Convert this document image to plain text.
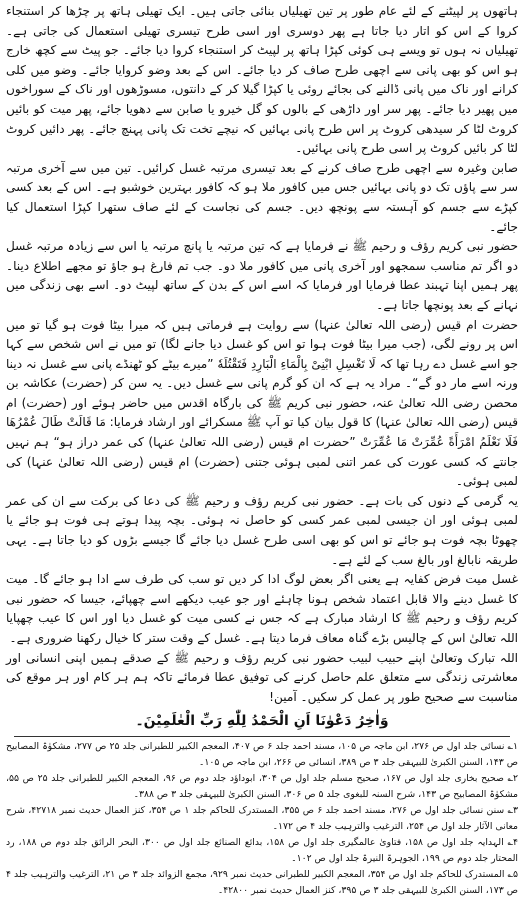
ہاتھوں پر لپیٹنے کے لئے عام طور پر تین تھیلیاں بنائی جاتی ہیں۔ ایک تھیلی ہاتھ پر چڑھا کر استنجاء کروا کے اس کو اتار دیا جاتا ہے پھر دوسری اور اسی طرح تیسری تھیلی استعمال کی جاتی ہے۔ تھیلیاں نہ ہوں تو ویسے ہی کوئی کپڑا ہاتھ پر لپیٹ کر استنجاء کروا دیا جائے۔ جو پیٹ سے کچھ خارج ہو اس کو بھی پانی سے اچھی طرح صاف کر دیا جائے۔ اس کے بعد وضو کروایا جائے۔ وضو میں کلی کرانے اور ناک میں پانی ڈالنے کی بجائے روئی یا کپڑا گیلا کر کے دانتوں، مسوڑھوں اور ناک کے سوراخوں میں پھیر دیا جائے۔ پھر سر اور داڑھی کے بالوں کو گل خیرو یا صابن سے دھویا جائے، پھر میت کو بائیں کروٹ لٹا کر سیدھی کروٹ پر اس طرح پانی بہائیں کہ نیچے تخت تک پانی پہنچ جائے۔ پھر دائیں کروٹ لٹا کر بائیں کروٹ پر اسی طرح پانی بہائیں۔

صابن وغیرہ سے اچھی طرح صاف کرنے کے بعد تیسری مرتبہ غسل کرائیں۔ تین میں سے آخری مرتبہ سر سے پاؤں تک دو پانی بہائیں جس میں کافور ملا ہو کہ کافور بہترین خوشبو ہے۔ اس کے بعد کسی کپڑے سے جسم کو آہستہ سے پونچھ دیں۔ جسم کی نجاست کے لئے صاف ستھرا کپڑا استعمال کیا جائے۔

حضور نبی کریم رؤف و رحیم ﷺ نے فرمایا ہے کہ تین مرتبہ یا پانچ مرتبہ یا اس سے زیادہ مرتبہ غسل دو اگر تم مناسب سمجھو اور آخری پانی میں کافور ملا دو۔ جب تم فارغ ہو جاؤ تو مجھے اطلاع دینا۔ پھر ہمیں اپنا تہبند عطا فرمایا اور فرمایا کہ اسے اس کے بدن کے ساتھ لپیٹ دو۔ اسے بھی زندگی میں نہانے کے بعد پونچھا جاتا ہے۔

حضرت ام قیس (رضی اللہ تعالیٰ عنہا) سے روایت ہے فرماتی ہیں کہ میرا بیٹا فوت ہو گیا تو میں اس پر رونے لگی، (جب میرا بیٹا فوت ہوا تو اس کو غسل دیا جانے لگا) تو میں نے اس شخص سے کہا جو اسے غسل دے رہا تھا کہ لَا تَغْسِلِ ابْنِیْ بِالْمَاءِ الْبَارِدِ فَتَقْتُلَهٗ ”میرے بیٹے کو ٹھنڈے پانی سے غسل نہ دینا ورنہ اسے مار دو گے“۔ مراد یہ ہے کہ ان کو گرم پانی سے غسل دیں۔ یہ سن کر (حضرت) عکاشہ بن محصن رضی اللہ تعالیٰ عنہ، حضور نبی کریم ﷺ کی بارگاہ اقدس میں حاضر ہوئے اور (حضرت) ام قیس (رضی اللہ تعالیٰ عنہا) کا قول بیان کیا تو آپ ﷺ مسکرائے اور ارشاد فرمایا: مَا قَالَتْ طَالَ عُمْرُهَا فَلَا نَعْلَمُ امْرَأَةً عُمِّرَتْ مَا عُمِّرَتْ ”حضرت ام قیس (رضی اللہ تعالیٰ عنہا) کی عمر دراز ہو“ ہم نہیں جانتے کہ کسی عورت کی عمر اتنی لمبی ہوئی جتنی (حضرت) ام قیس (رضی اللہ تعالیٰ عنہا) کی لمبی ہوئی۔

یہ گرمی کے دنوں کی بات ہے۔ حضور نبی کریم رؤف و رحیم ﷺ کی دعا کی برکت سے ان کی عمر لمبی ہوئی اور ان جیسی لمبی عمر کسی کو حاصل نہ ہوئی۔ بچہ پیدا ہوتے ہی فوت ہو جائے یا چھوٹا بچہ فوت ہو جائے تو اس کو بھی اسی طرح غسل دیا جائے گا جیسے بڑوں کو دیا جاتا ہے۔ یہی طریقہ نابالغ اور بالغ سب کے لئے ہے۔

غسل میت فرض کفایہ ہے یعنی اگر بعض لوگ ادا کر دیں تو سب کی طرف سے ادا ہو جائے گا۔ میت کا غسل دینے والا قابل اعتماد شخص ہونا چاہئے اور جو عیب دیکھے اسے چھپائے، جیسا کہ حضور نبی کریم رؤف و رحیم ﷺ کا ارشاد مبارک ہے کہ جس نے کسی میت کو غسل دیا اور اس کا عیب چھپایا اللہ تعالیٰ اس کے چالیس بڑے گناہ معاف فرما دیتا ہے۔ غسل کے وقت ستر کا خیال رکھنا ضروری ہے۔

اللہ تبارک وتعالیٰ اپنے حبیب لبیب حضور نبی کریم رؤف و رحیم ﷺ کے صدقے ہمیں اپنی انسانی اور معاشرتی زندگی سے متعلق علم حاصل کرنے کی توفیق عطا فرمائے تاکہ ہم ہر کام اور ہر موقع کی مناسبت سے صحیح طور پر عمل کر سکیں۔ آمین!

وَاٰخِرُ دَعْوٰنَا اَنِ الْحَمْدُ لِلّٰهِ رَبِّ الْعٰلَمِیْنَ۔

۱؎ نسائی جلد اول ص ۲۷۶، ابن ماجہ ص ۱۰۵، مسند احمد جلد ۶ ص ۴۰۷، المعجم الکبیر للطبرانی جلد ۲۵ ص ۲۷۷، مشکوٰۃ المصابیح ص ۱۴۳، السنن الکبریٰ للبیہقی جلد ۳ ص ۳۸۹، انسائی ص ۲۶۶، ابن ماجہ ص ۱۰۵۔

۲؎ صحیح بخاری جلد اول ص ۱۶۷، صحیح مسلم جلد اول ص ۳۰۴، ابوداؤد جلد دوم ص ۹۶، المعجم الکبیر للطبرانی جلد ۲۵ ص ۵۵، مشکوٰۃ المصابیح ص ۱۴۳، شرح السنہ للبغوی جلد ۵ ص ۳۰۶، السنن الکبریٰ للبیہقی جلد ۳ ص ۳۸۸۔

۳؎ سنن نسائی جلد اول ص ۲۷۶، مسند احمد جلد ۶ ص ۳۵۵، المستدرک للحاکم جلد ۱ ص ۳۵۴، کنز العمال حدیث نمبر ۴۲۷۱۸، شرح معانی الآثار جلد اول ص ۲۵۴، الترغیب والترہیب جلد ۴ ص ۱۷۲۔

۴؎ الہدایہ جلد اول ص ۱۵۸، فتاویٰ عالمگیری جلد اول ص ۱۵۸، بدائع الصنائع جلد اول ص ۳۰۰، البحر الرائق جلد دوم ص ۱۸۸، رد المحتار جلد دوم ص ۱۹۹، الجوہرۃ النیرۃ جلد اول ص ۱۰۲۔

۵؎ المستدرک للحاکم جلد اول ص ۳۵۴، المعجم الکبیر للطبرانی حدیث نمبر ۹۲۹، مجمع الزوائد جلد ۳ ص ۲۱، الترغیب والترہیب جلد ۴ ص ۱۷۳، السنن الکبریٰ للبیہقی جلد ۳ ص ۳۹۵، کنز العمال حدیث نمبر ۴۲۸۰۰۔
